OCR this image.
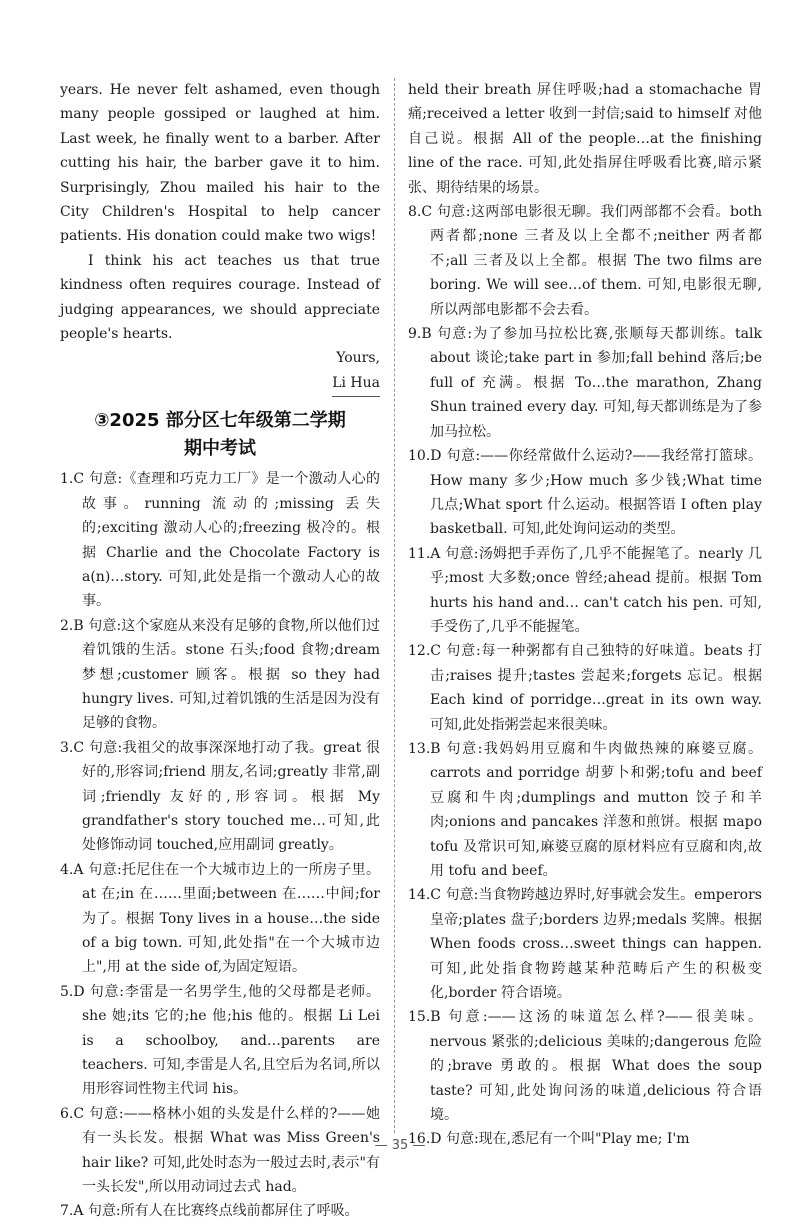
years. He never felt ashamed, even though many people gossiped or laughed at him. Last week, he finally went to a barber. After cutting his hair, the barber gave it to him. Surprisingly, Zhou mailed his hair to the City Children's Hospital to help cancer patients. His donation could make two wigs!

I think his act teaches us that true kindness often requires courage. Instead of judging appearances, we should appreciate people's hearts.

Yours,

Li Hua

③2025 部分区七年级第二学期
期中考试

1.C 句意:《查理和巧克力工厂》是一个激动人心的故事。running 流动的;missing 丢失的;exciting 激动人心的;freezing 极冷的。根据 Charlie and the Chocolate Factory is a(n)…story. 可知,此处是指一个激动人心的故事。

2.B 句意:这个家庭从来没有足够的食物,所以他们过着饥饿的生活。stone 石头;food 食物;dream 梦想;customer 顾客。根据 so they had hungry lives. 可知,过着饥饿的生活是因为没有足够的食物。

3.C 句意:我祖父的故事深深地打动了我。great 很好的,形容词;friend 朋友,名词;greatly 非常,副词;friendly 友好的,形容词。根据 My grandfather's story touched me…可知,此处修饰动词 touched,应用副词 greatly。

4.A 句意:托尼住在一个大城市边上的一所房子里。at 在;in 在……里面;between 在……中间;for 为了。根据 Tony lives in a house…the side of a big town. 可知,此处指"在一个大城市边上",用 at the side of,为固定短语。

5.D 句意:李雷是一名男学生,他的父母都是老师。she 她;its 它的;he 他;his 他的。根据 Li Lei is a schoolboy, and…parents are teachers. 可知,李雷是人名,且空后为名词,所以用形容词性物主代词 his。

6.C 句意:——格林小姐的头发是什么样的?——她有一头长发。根据 What was Miss Green's hair like? 可知,此处时态为一般过去时,表示"有一头长发",所以用动词过去式 had。

7.A 句意:所有人在比赛终点线前都屏住了呼吸。

held their breath 屏住呼吸;had a stomachache 胃痛;received a letter 收到一封信;said to himself 对他自己说。根据 All of the people…at the finishing line of the race. 可知,此处指屏住呼吸看比赛,暗示紧张、期待结果的场景。

8.C 句意:这两部电影很无聊。我们两部都不会看。both 两者都;none 三者及以上全都不;neither 两者都不;all 三者及以上全都。根据 The two films are boring. We will see…of them. 可知,电影很无聊,所以两部电影都不会去看。

9.B 句意:为了参加马拉松比赛,张顺每天都训练。talk about 谈论;take part in 参加;fall behind 落后;be full of 充满。根据 To…the marathon, Zhang Shun trained every day. 可知,每天都训练是为了参加马拉松。

10.D 句意:——你经常做什么运动?——我经常打篮球。How many 多少;How much 多少钱;What time 几点;What sport 什么运动。根据答语 I often play basketball. 可知,此处询问运动的类型。

11.A 句意:汤姆把手弄伤了,几乎不能握笔了。nearly 几乎;most 大多数;once 曾经;ahead 提前。根据 Tom hurts his hand and… can't catch his pen. 可知,手受伤了,几乎不能握笔。

12.C 句意:每一种粥都有自己独特的好味道。beats 打击;raises 提升;tastes 尝起来;forgets 忘记。根据 Each kind of porridge…great in its own way. 可知,此处指粥尝起来很美味。

13.B 句意:我妈妈用豆腐和牛肉做热辣的麻婆豆腐。carrots and porridge 胡萝卜和粥;tofu and beef 豆腐和牛肉;dumplings and mutton 饺子和羊肉;onions and pancakes 洋葱和煎饼。根据 mapo tofu 及常识可知,麻婆豆腐的原材料应有豆腐和肉,故用 tofu and beef。

14.C 句意:当食物跨越边界时,好事就会发生。emperors 皇帝;plates 盘子;borders 边界;medals 奖牌。根据 When foods cross…sweet things can happen. 可知,此处指食物跨越某种范畴后产生的积极变化,border 符合语境。

15.B 句意:——这汤的味道怎么样?——很美味。nervous 紧张的;delicious 美味的;dangerous 危险的;brave 勇敢的。根据 What does the soup taste? 可知,此处询问汤的味道,delicious 符合语境。

16.D 句意:现在,悉尼有一个叫"Play me; I'm

— 35 —
